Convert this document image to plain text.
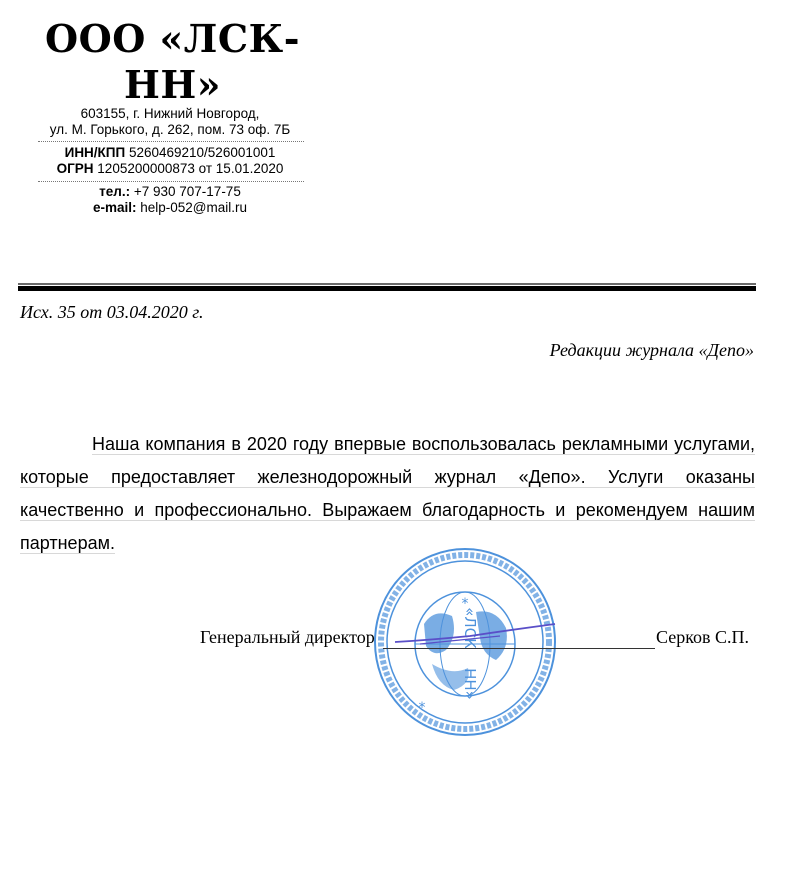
ООО «ЛСК-НН»
603155, г. Нижний Новгород,
ул. М. Горького, д. 262, пом. 73 оф. 7Б
ИНН/КПП 5260469210/526001001
ОГРН 1205200000873 от 15.01.2020
тел.: +7 930 707-17-75
e-mail: help-052@mail.ru
Исх. 35 от 03.04.2020 г.
Редакции журнала «Депо»
Наша компания в 2020 году впервые воспользовалась рекламными услугами, которые предоставляет железнодорожный журнал «Депо». Услуги оказаны качественно и профессионально. Выражаем благодарность и рекомендуем нашим партнерам.
*
*
«ЛСК
НН»
Генеральный директор	Серков С.П.
